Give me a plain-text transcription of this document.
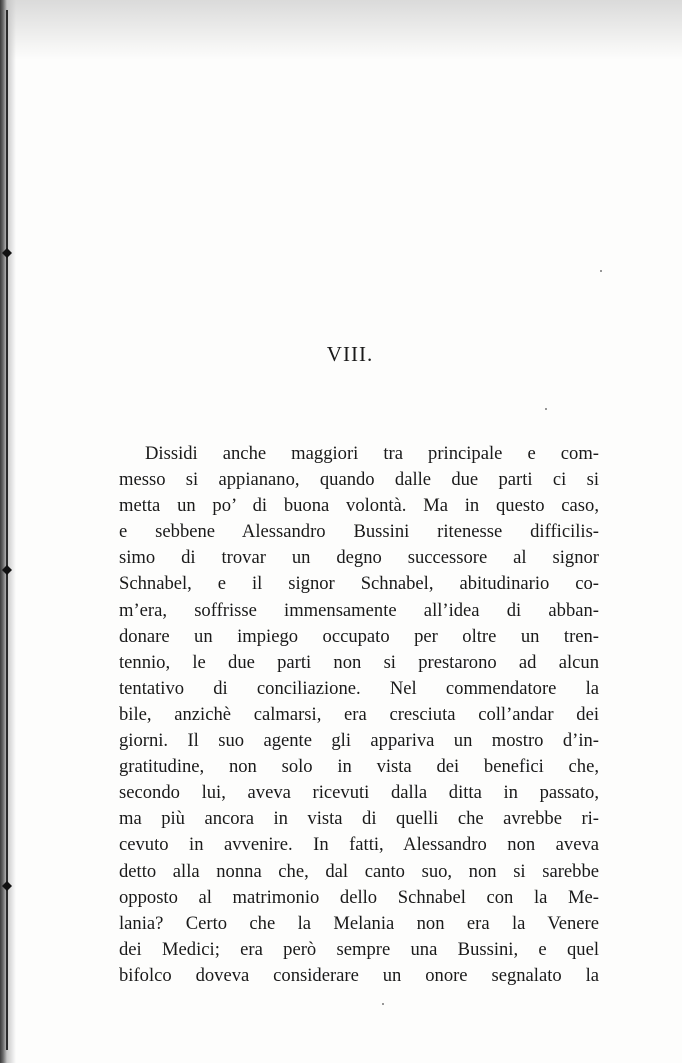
VIII.
Dissidi anche maggiori tra principale e com-
messo si appianano, quando dalle due parti ci si
metta un po’ di buona volontà. Ma in questo caso,
e sebbene Alessandro Bussini ritenesse difficilis-
simo di trovar un degno successore al signor
Schnabel, e il signor Schnabel, abitudinario co-
m’era, soffrisse immensamente all’idea di abban-
donare un impiego occupato per oltre un tren-
tennio, le due parti non si prestarono ad alcun
tentativo di conciliazione. Nel commendatore la
bile, anzichè calmarsi, era cresciuta coll’andar dei
giorni. Il suo agente gli appariva un mostro d’in-
gratitudine, non solo in vista dei benefici che,
secondo lui, aveva ricevuti dalla ditta in passato,
ma più ancora in vista di quelli che avrebbe ri-
cevuto in avvenire. In fatti, Alessandro non aveva
detto alla nonna che, dal canto suo, non si sarebbe
opposto al matrimonio dello Schnabel con la Me-
lania? Certo che la Melania non era la Venere
dei Medici; era però sempre una Bussini, e quel
bifolco doveva considerare un onore segnalato la
